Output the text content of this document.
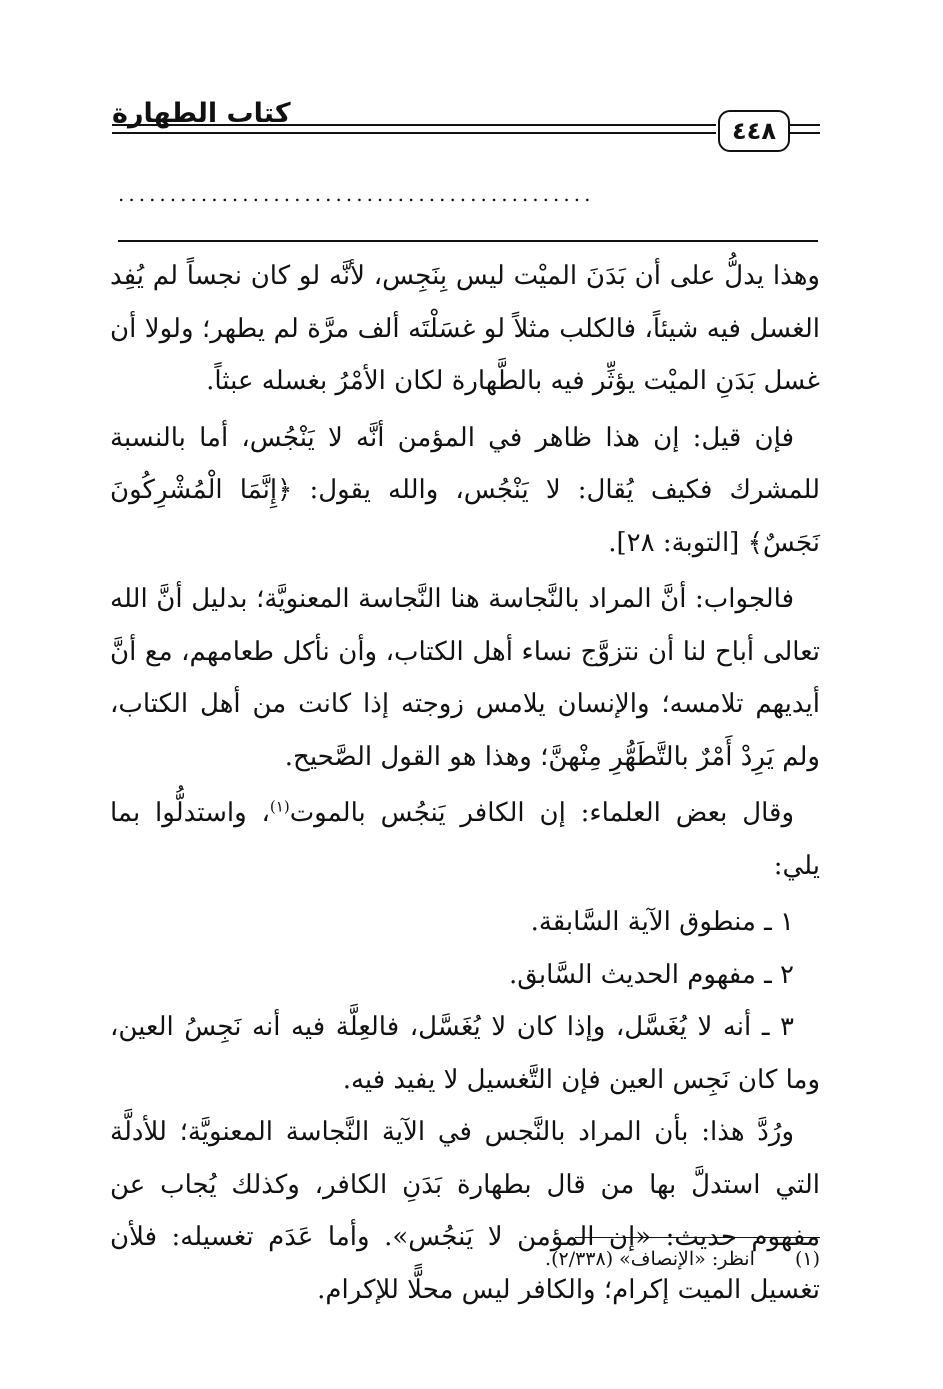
كتاب الطهارة
٤٤٨
..............................................

وهذا يدلُّ على أن بَدَنَ الميْت ليس بِنَجِس، لأنَّه لو كان نجساً لم يُفِد الغسل فيه شيئاً، فالكلب مثلاً لو غسَلْتَه ألف مرَّة لم يطهر؛ ولولا أن غسل بَدَنِ الميْت يؤثِّر فيه بالطَّهارة لكان الأمْرُ بغسله عبثاً.

فإن قيل: إن هذا ظاهر في المؤمن أنَّه لا يَنْجُس، أما بالنسبة للمشرك فكيف يُقال: لا يَنْجُس، والله يقول: ﴿إِنَّمَا الْمُشْرِكُونَ نَجَسٌ﴾ [التوبة: ٢٨].

فالجواب: أنَّ المراد بالنَّجاسة هنا النَّجاسة المعنويَّة؛ بدليل أنَّ الله تعالى أباح لنا أن نتزوَّج نساء أهل الكتاب، وأن نأكل طعامهم، مع أنَّ أيديهم تلامسه؛ والإنسان يلامس زوجته إذا كانت من أهل الكتاب، ولم يَرِدْ أَمْرٌ بالتَّطَهُّرِ مِنْهنَّ؛ وهذا هو القول الصَّحيح.

وقال بعض العلماء: إن الكافر يَنجُس بالموت$^{(١)}$، واستدلُّوا بما يلي:

١ ـ منطوق الآية السَّابقة.

٢ ـ مفهوم الحديث السَّابق.

٣ ـ أنه لا يُغَسَّل، وإذا كان لا يُغَسَّل، فالعِلَّة فيه أنه نَجِسُ العين، وما كان نَجِس العين فإن التَّغسيل لا يفيد فيه.

ورُدَّ هذا: بأن المراد بالنَّجس في الآية النَّجاسة المعنويَّة؛ للأدلَّة التي استدلَّ بها من قال بطهارة بَدَنِ الكافر، وكذلك يُجاب عن مفهوم حديث: «إن المؤمن لا يَنجُس». وأما عَدَم تغسيله: فلأن تغسيل الميت إكرام؛ والكافر ليس محلًّا للإكرام.

(١) انظر: «الإنصاف» (٢/٣٣٨).
